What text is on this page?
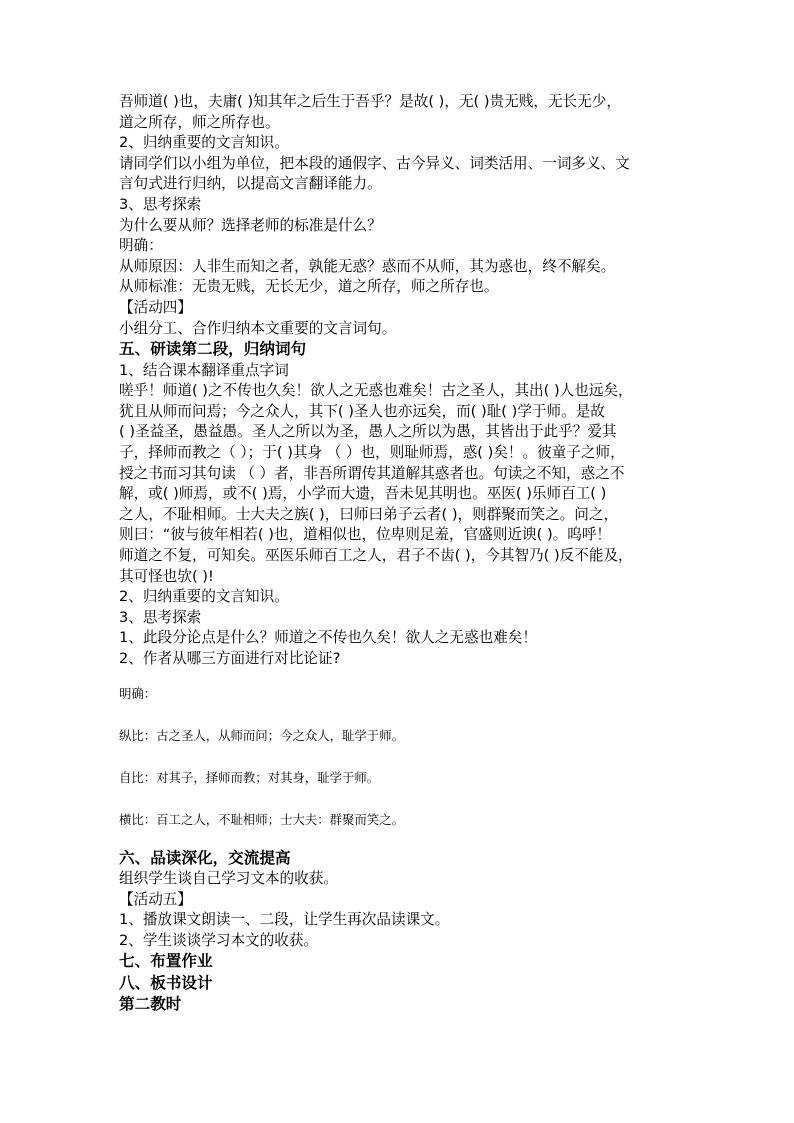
吾师道( )也，夫庸( )知其年之后生于吾乎？是故( )，无( )贵无贱，无长无少，

道之所存，师之所存也。

2、归纳重要的文言知识。

请同学们以小组为单位，把本段的通假字、古今异义、词类活用、一词多义、文

言句式进行归纳，以提高文言翻译能力。

3、思考探索

为什么要从师？选择老师的标准是什么？

明确：

从师原因：人非生而知之者，孰能无惑？惑而不从师，其为惑也，终不解矣。

从师标准：无贵无贱，无长无少，道之所存，师之所存也。

【活动四】

小组分工、合作归纳本文重要的文言词句。

五、研读第二段，归纳词句

1、结合课本翻译重点字词

嗟乎！师道( )之不传也久矣！欲人之无惑也难矣！古之圣人，其出( )人也远矣，

犹且从师而问焉；今之众人，其下( )圣人也亦远矣，而( )耻( )学于师。是故

( )圣益圣，愚益愚。圣人之所以为圣，愚人之所以为愚，其皆出于此乎？爱其

子，择师而教之（ ）；于( )其身 （ ）也，则耻师焉，惑( )矣！。彼童子之师，

授之书而习其句读 （ ）者，非吾所谓传其道解其惑者也。句读之不知，惑之不

解，或( )师焉，或不( )焉，小学而大遗，吾未见其明也。巫医( )乐师百工( )

之人，不耻相师。士大夫之族( )，曰师曰弟子云者( )，则群聚而笑之。问之，

则曰：“彼与彼年相若( )也，道相似也，位卑则足羞，官盛则近谀( )。呜呼！

师道之不复，可知矣。巫医乐师百工之人，君子不齿( )，今其智乃( )反不能及，

其可怪也欤( )!

2、归纳重要的文言知识。

3、思考探索

1、此段分论点是什么？师道之不传也久矣！欲人之无惑也难矣！

2、作者从哪三方面进行对比论证?

明确：

纵比：古之圣人，从师而问；今之众人，耻学于师。

自比：对其子，择师而教；对其身，耻学于师。

横比：百工之人，不耻相师；士大夫：群聚而笑之。

六、品读深化，交流提高

组织学生谈自己学习文本的收获。

【活动五】

1、播放课文朗读一、二段，让学生再次品读课文。

2、学生谈谈学习本文的收获。

七、布置作业

八、板书设计

第二教时
